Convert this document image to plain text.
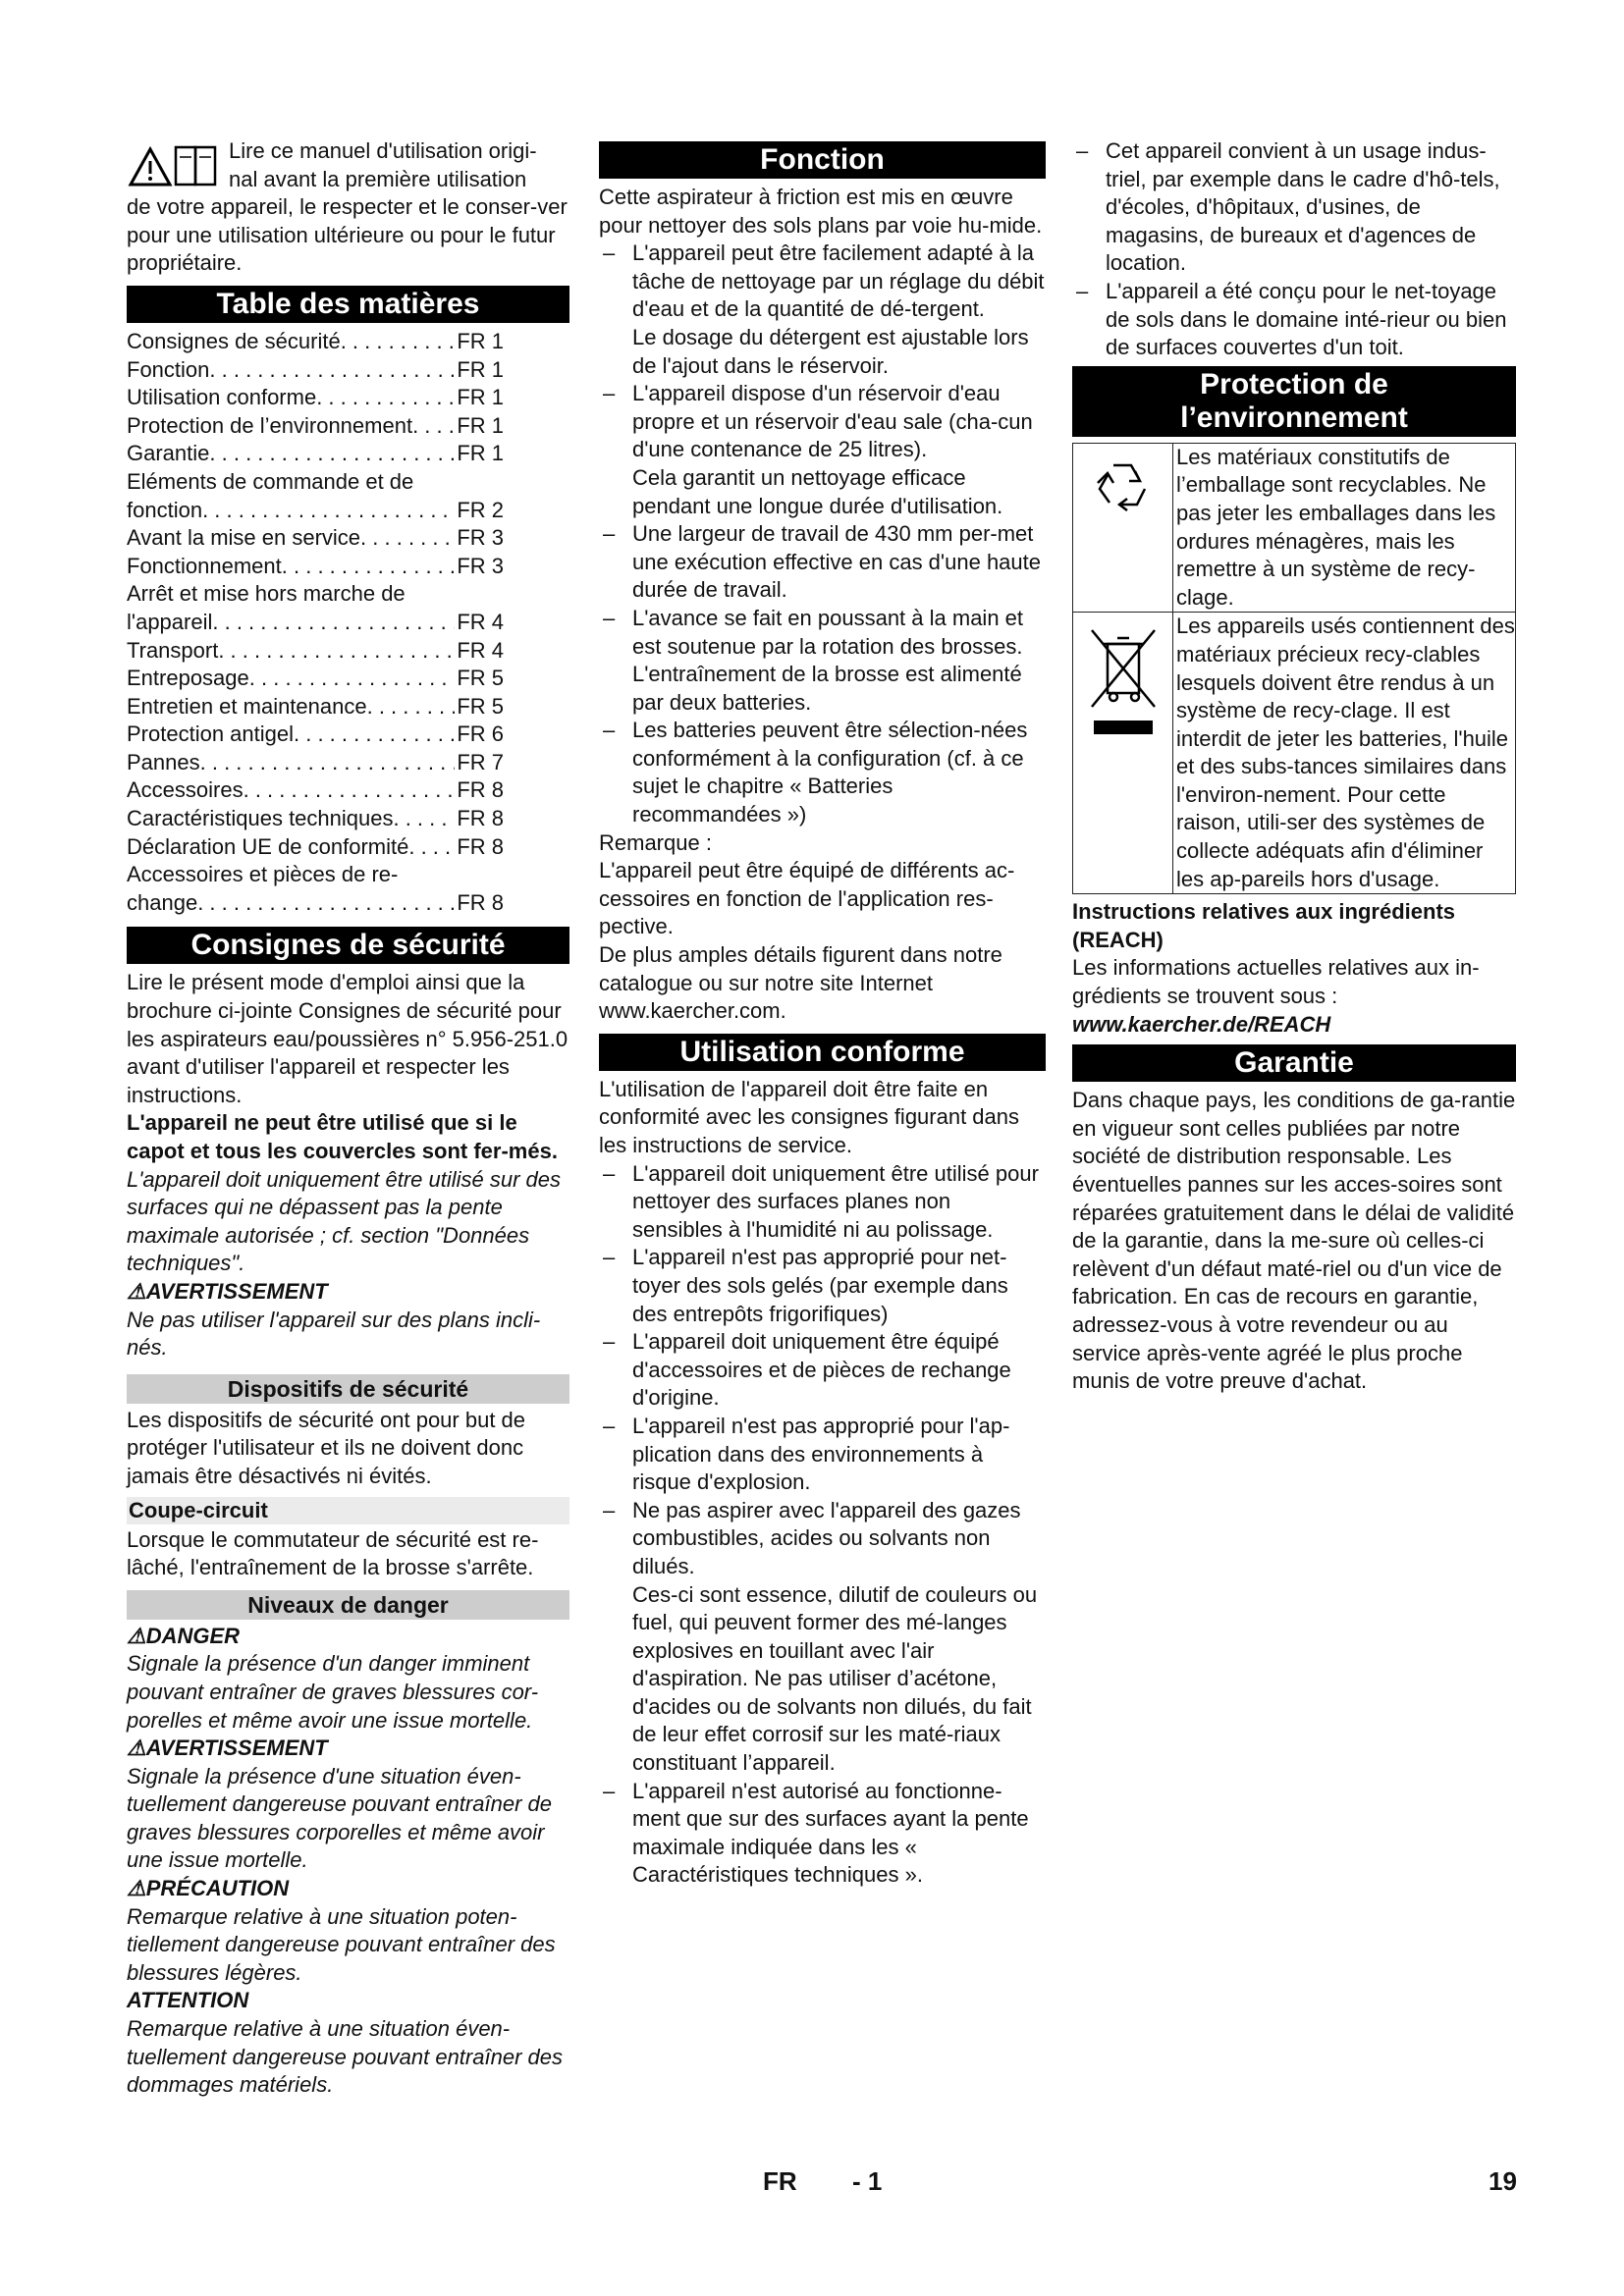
Lire ce manuel d'utilisation origi-

nal avant la première utilisation

de votre appareil, le respecter et le conser-ver pour une utilisation ultérieure ou pour le futur propriétaire.

Table des matières
Consignes de sécurité . . .	FR 1
Fonction . . .	FR 1
Utilisation conforme . . .	FR 1
Protection de l’environnement . . . FR 1
Garantie . . .	FR 1

Eléments de commande et de

fonction . . .	FR 2
Avant la mise en service . . .	FR 3
Fonctionnement . . .	FR 3

Arrêt et mise hors marche de

l'appareil . . .	FR 4
Transport . . .	FR 4
Entreposage . . .	FR 5
Entretien et maintenance . . .	FR 5
Protection antigel . . .	FR 6
Pannes . . .	FR 7
Accessoires . . .	FR 8
Caractéristiques techniques . . .	FR 8
Déclaration UE de conformité . . . FR 8

Accessoires et pièces de re-

change . . .	FR 8
Consignes de sécurité

Lire le présent mode d'emploi ainsi que la brochure ci-jointe Consignes de sécurité pour les aspirateurs eau/poussières n° 5.956-251.0 avant d'utiliser l'appareil et respecter les instructions.

L'appareil ne peut être utilisé que si le capot et tous les couvercles sont fer-més.

L'appareil doit uniquement être utilisé sur des surfaces qui ne dépassent pas la pente maximale autorisée ; cf. section "Données techniques".

⚠AVERTISSEMENT

Ne pas utiliser l'appareil sur des plans incli-nés.

Dispositifs de sécurité

Les dispositifs de sécurité ont pour but de protéger l'utilisateur et ils ne doivent donc jamais être désactivés ni évités.

Coupe-circuit

Lorsque le commutateur de sécurité est re-lâché, l'entraînement de la brosse s'arrête.

Niveaux de danger

⚠DANGER

Signale la présence d'un danger imminent pouvant entraîner de graves blessures cor-porelles et même avoir une issue mortelle.

⚠AVERTISSEMENT

Signale la présence d'une situation éven-tuellement dangereuse pouvant entraîner de graves blessures corporelles et même avoir une issue mortelle.

⚠PRÉCAUTION

Remarque relative à une situation poten-tiellement dangereuse pouvant entraîner des blessures légères.

ATTENTION

Remarque relative à une situation éven-tuellement dangereuse pouvant entraîner des dommages matériels.

Fonction

Cette aspirateur à friction est mis en œuvre pour nettoyer des sols plans par voie hu-mide.

– L'appareil peut être facilement adapté à la tâche de nettoyage par un réglage du débit d'eau et de la quantité de dé-tergent.

Le dosage du détergent est ajustable lors de l'ajout dans le réservoir.

– L'appareil dispose d'un réservoir d'eau propre et un réservoir d'eau sale (cha-cun d'une contenance de 25 litres).

Cela garantit un nettoyage efficace pendant une longue durée d'utilisation.

– Une largeur de travail de 430 mm per-met une exécution effective en cas d'une haute durée de travail.

– L'avance se fait en poussant à la main et est soutenue par la rotation des brosses. L'entraînement de la brosse est alimenté par deux batteries.

– Les batteries peuvent être sélection-nées conformément à la configuration (cf. à ce sujet le chapitre « Batteries recommandées »)

Remarque :

L'appareil peut être équipé de différents ac-cessoires en fonction de l'application res-pective.

De plus amples détails figurent dans notre catalogue ou sur notre site Internet www.kaercher.com.

Utilisation conforme

L'utilisation de l'appareil doit être faite en conformité avec les consignes figurant dans les instructions de service.

– L'appareil doit uniquement être utilisé pour nettoyer des surfaces planes non sensibles à l'humidité ni au polissage.

– L'appareil n'est pas approprié pour net-toyer des sols gelés (par exemple dans des entrepôts frigorifiques)

– L'appareil doit uniquement être équipé d'accessoires et de pièces de rechange d'origine.

– L'appareil n'est pas approprié pour l'ap-plication dans des environnements à risque d'explosion.

– Ne pas aspirer avec l'appareil des gazes combustibles, acides ou solvants non dilués.

Ces-ci sont essence, dilutif de couleurs ou fuel, qui peuvent former des mé-langes explosives en touillant avec l'air d'aspiration. Ne pas utiliser d’acétone, d'acides ou de solvants non dilués, du fait de leur effet corrosif sur les maté-riaux constituant l’appareil.

– L'appareil n'est autorisé au fonctionne-ment que sur des surfaces ayant la pente maximale indiquée dans les « Caractéristiques techniques ».

– Cet appareil convient à un usage indus-triel, par exemple dans le cadre d'hô-tels, d'écoles, d'hôpitaux, d'usines, de magasins, de bureaux et d'agences de location.

– L'appareil a été conçu pour le net-toyage de sols dans le domaine inté-rieur ou bien de surfaces couvertes d'un toit.

Protection de
l’environnement
	Les matériaux constitutifs de l’emballage sont recyclables. Ne pas jeter les emballages dans les ordures ménagères, mais les remettre à un système de recy-clage.
	Les appareils usés contiennent des matériaux précieux recy-clables lesquels doivent être rendus à un système de recy-clage. Il est interdit de jeter les batteries, l'huile et des subs-tances similaires dans l'environ-nement. Pour cette raison, utili-ser des systèmes de collecte adéquats afin d'éliminer les ap-pareils hors d'usage.

Instructions relatives aux ingrédients (REACH)

Les informations actuelles relatives aux in-grédients se trouvent sous :

www.kaercher.de/REACH

Garantie

Dans chaque pays, les conditions de ga-rantie en vigueur sont celles publiées par notre société de distribution responsable. Les éventuelles pannes sur les acces-soires sont réparées gratuitement dans le délai de validité de la garantie, dans la me-sure où celles-ci relèvent d'un défaut maté-riel ou d'un vice de fabrication. En cas de recours en garantie, adressez-vous à votre revendeur ou au service après-vente agréé le plus proche munis de votre preuve d'achat.

FR - 1	19
